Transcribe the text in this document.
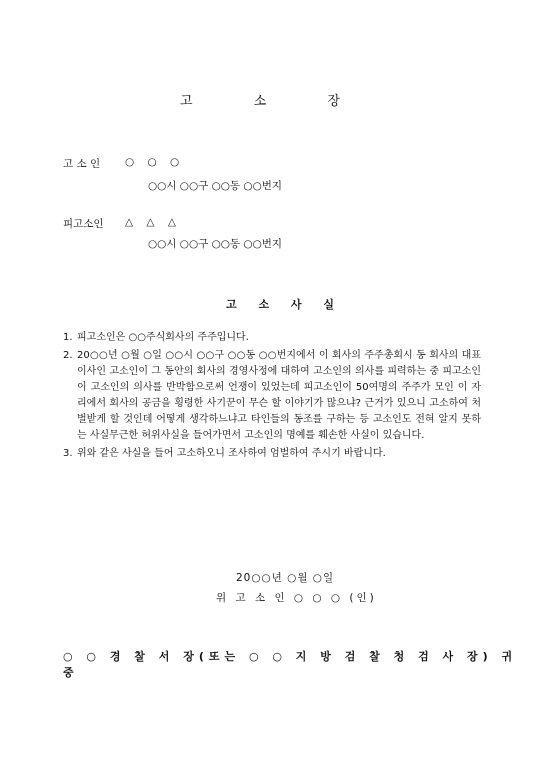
고	소	장
고 소 인 ○ ○ ○
○○시 ○○구 ○○동 ○○번지
피고소인 △ △ △
○○시 ○○구 ○○동 ○○번지
고 소 사 실
1. 피고소인은 ○○주식회사의 주주입니다.
2. 20○○년 ○월 ○일 ○○시 ○○구 ○○동 ○○번지에서 이 회사의 주주총회시 동 회사의 대표이사인 고소인이 그 동안의 회사의 경영사정에 대하여 고소인의 의사를 피력하는 중 피고소인이 고소인의 의사를 반박함으로써 언쟁이 있었는데 피고소인이 50여명의 주주가 모인 이 자리에서 회사의 공금을 횡령한 사기꾼이 무슨 할 이야기가 많으냐? 근거가 있으니 고소하여 처벌받게 할 것인데 어떻게 생각하느냐고 타인들의 동조를 구하는 등 고소인도 전혀 알지 못하는 사실무근한 허위사실을 들어가면서 고소인의 명예를 훼손한 사실이 있습니다.
3. 위와 같은 사실을 들어 고소하오니 조사하여 엄벌하여 주시기 바랍니다.
20○○년 ○월 ○일
위 고 소 인 ○ ○ ○ (인)
○ ○ 경 찰 서 장(또는 ○ ○ 지 방 검 찰 청 검 사 장) 귀 중
